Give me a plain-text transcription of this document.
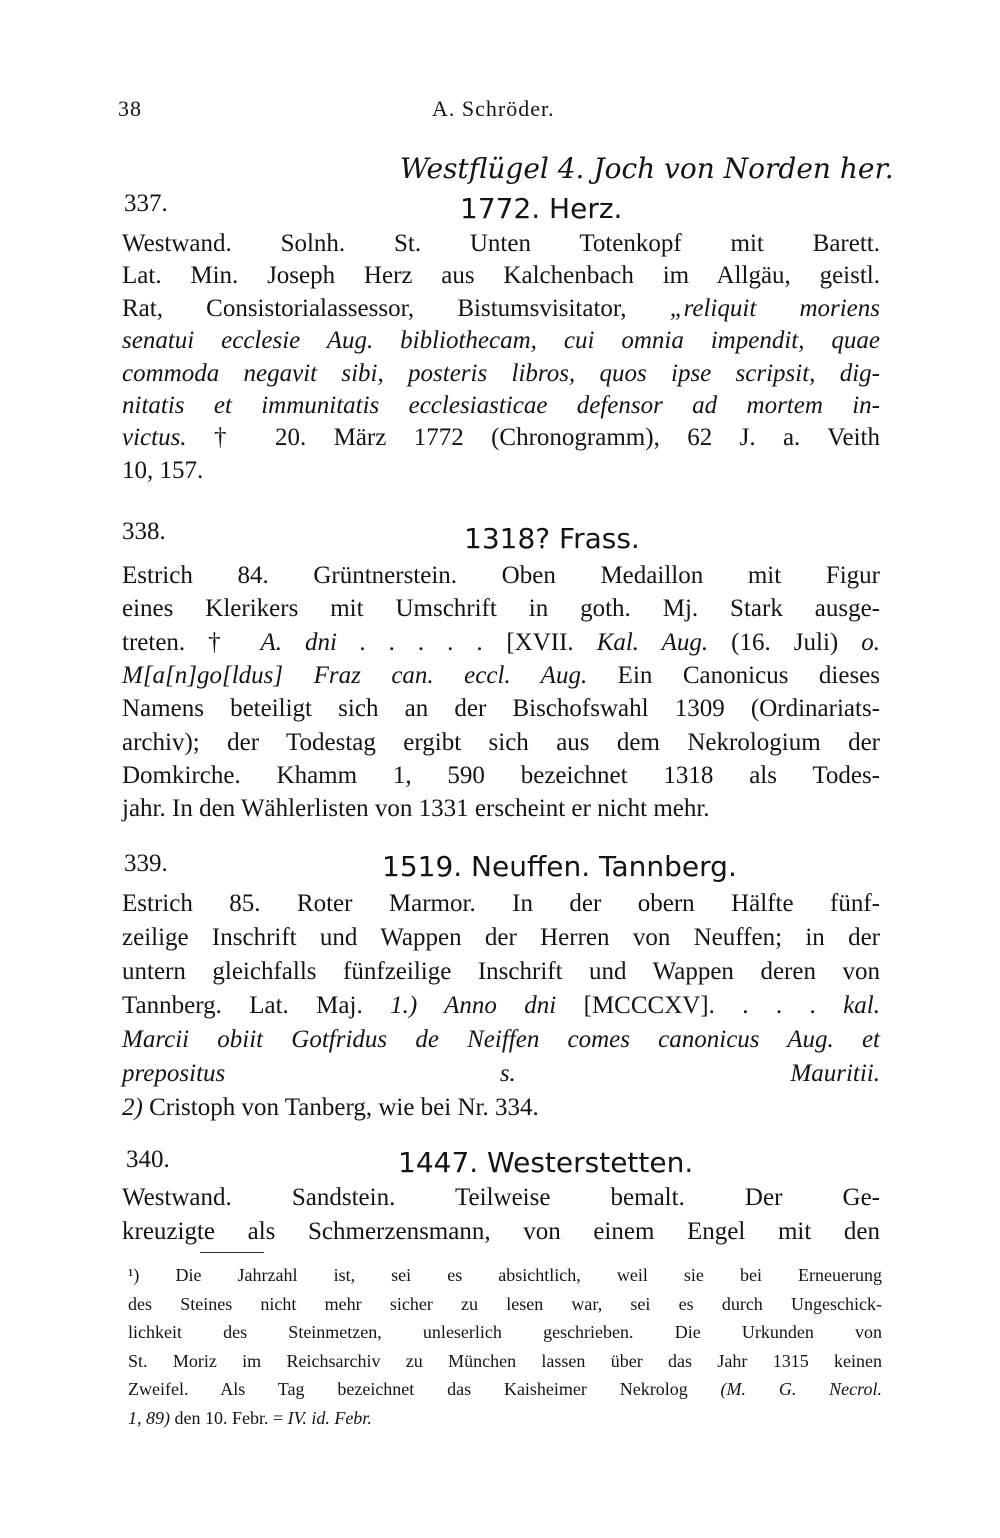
38	A. Schröder.
Westflügel 4. Joch von Norden her.
337.	1772. Herz.
Westwand. Solnh. St. Unten Totenkopf mit Barett.
Lat. Min. Joseph Herz aus Kalchenbach im Allgäu, geistl.
Rat, Consistorialassessor, Bistumsvisitator, „reliquit moriens
senatui ecclesie Aug. bibliothecam, cui omnia impendit, quae
commoda negavit sibi, posteris libros, quos ipse scripsit, dig-
nitatis et immunitatis ecclesiasticae defensor ad mortem in-
victus. † 20. März 1772 (Chronogramm), 62 J. a. Veith
10, 157.
338.	1318? Frass.
Estrich 84. Grüntnerstein. Oben Medaillon mit Figur
eines Klerikers mit Umschrift in goth. Mj. Stark ausge-
treten. † A. dni . . . . . [XVII. Kal. Aug. (16. Juli) o.
M[a[n]go[ldus] Fraz can. eccl. Aug. Ein Canonicus dieses
Namens beteiligt sich an der Bischofswahl 1309 (Ordinariats-
archiv); der Todestag ergibt sich aus dem Nekrologium der
Domkirche. Khamm 1, 590 bezeichnet 1318 als Todes-
jahr. In den Wählerlisten von 1331 erscheint er nicht mehr.
339.	1519. Neuffen. Tannberg.
Estrich 85. Roter Marmor. In der obern Hälfte fünf-
zeilige Inschrift und Wappen der Herren von Neuffen; in der
untern gleichfalls fünfzeilige Inschrift und Wappen deren von
Tannberg. Lat. Maj. 1.) Anno dni [MCCCXV]. . . . kal.
Marcii obiit Gotfridus de Neiffen comes canonicus Aug. et
prepositus s. Mauritii.
2) Cristoph von Tanberg, wie bei Nr. 334.
340.	1447. Westerstetten.
Westwand. Sandstein. Teilweise bemalt. Der Ge-
kreuzigte als Schmerzensmann, von einem Engel mit den
¹) Die Jahrzahl ist, sei es absichtlich, weil sie bei Erneuerung
des Steines nicht mehr sicher zu lesen war, sei es durch Ungeschick-
lichkeit des Steinmetzen, unleserlich geschrieben. Die Urkunden von
St. Moriz im Reichsarchiv zu München lassen über das Jahr 1315 keinen
Zweifel. Als Tag bezeichnet das Kaisheimer Nekrolog (M. G. Necrol.
1, 89) den 10. Febr. = IV. id. Febr.
